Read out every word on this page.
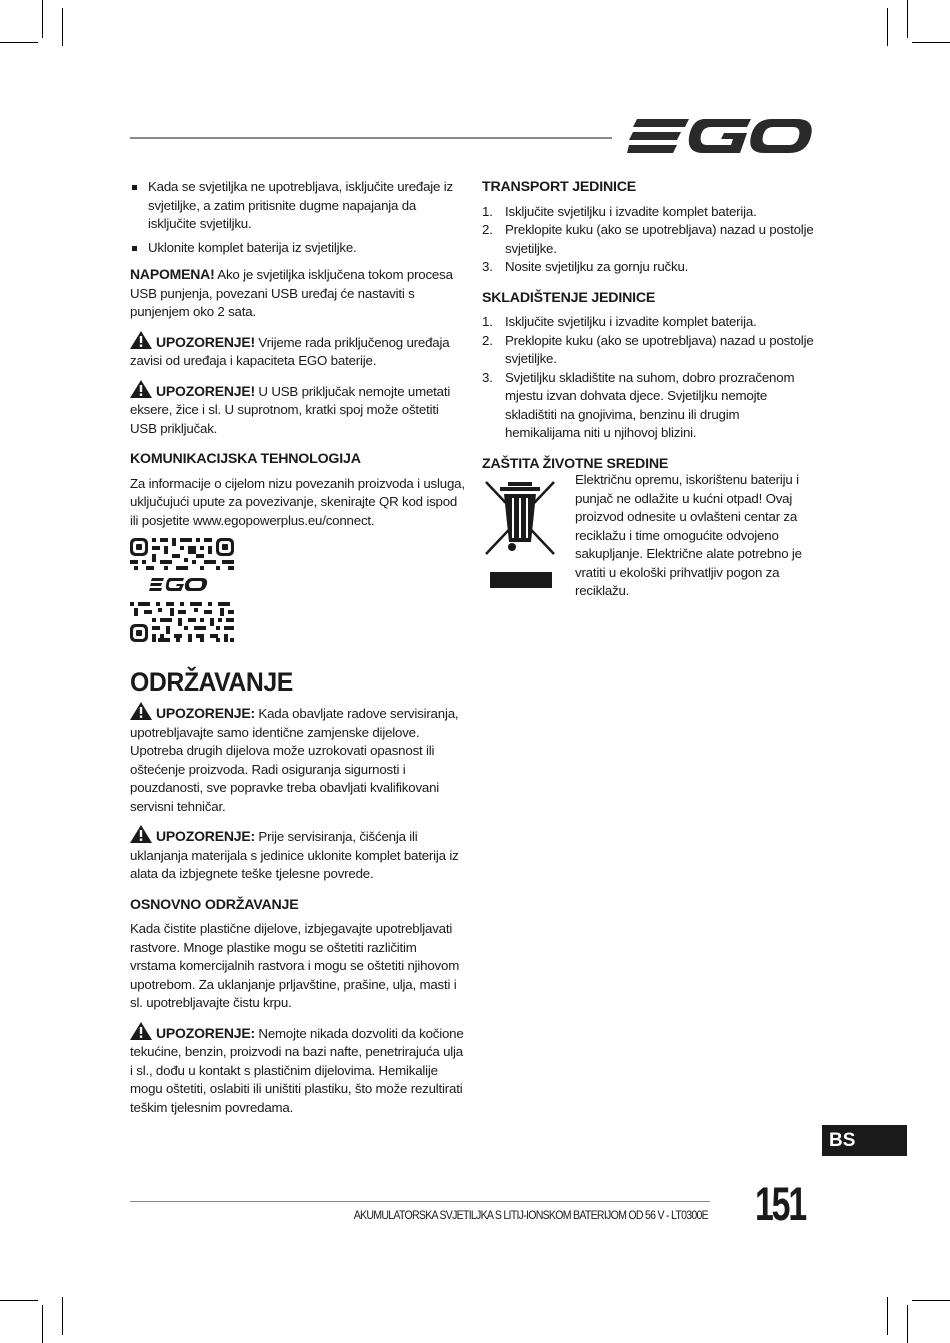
Kada se svjetiljka ne upotrebljava, isključite uređaje iz svjetiljke, a zatim pritisnite dugme napajanja da isključite svjetiljku.
Uklonite komplet baterija iz svjetiljke.

NAPOMENA! Ako je svjetiljka isključena tokom procesa USB punjenja, povezani USB uređaj će nastaviti s punjenjem oko 2 sata.

UPOZORENJE! Vrijeme rada priključenog uređaja zavisi od uređaja i kapaciteta EGO baterije.

UPOZORENJE! U USB priključak nemojte umetati eksere, žice i sl. U suprotnom, kratki spoj može oštetiti USB priključak.

KOMUNIKACIJSKA TEHNOLOGIJA

Za informacije o cijelom nizu povezanih proizvoda i usluga, uključujući upute za povezivanje, skenirajte QR kod ispod ili posjetite www.egopowerplus.eu/connect.

ODRŽAVANJE

UPOZORENJE: Kada obavljate radove servisiranja, upotrebljavajte samo identične zamjenske dijelove. Upotreba drugih dijelova može uzrokovati opasnost ili oštećenje proizvoda. Radi osiguranja sigurnosti i pouzdanosti, sve popravke treba obavljati kvalifikovani servisni tehničar.

UPOZORENJE: Prije servisiranja, čišćenja ili uklanjanja materijala s jedinice uklonite komplet baterija iz alata da izbjegnete teške tjelesne povrede.

OSNOVNO ODRŽAVANJE

Kada čistite plastične dijelove, izbjegavajte upotrebljavati rastvore. Mnoge plastike mogu se oštetiti različitim vrstama komercijalnih rastvora i mogu se oštetiti njihovom upotrebom. Za uklanjanje prljavštine, prašine, ulja, masti i sl. upotrebljavajte čistu krpu.

UPOZORENJE: Nemojte nikada dozvoliti da kočione tekućine, benzin, proizvodi na bazi nafte, penetrirajuća ulja i sl., dođu u kontakt s plastičnim dijelovima. Hemikalije mogu oštetiti, oslabiti ili uništiti plastiku, što može rezultirati teškim tjelesnim povredama.

TRANSPORT JEDINICE
1. Isključite svjetiljku i izvadite komplet baterija.
2. Preklopite kuku (ako se upotrebljava) nazad u postolje svjetiljke.
3. Nosite svjetiljku za gornju ručku.
SKLADIŠTENJE JEDINICE
1. Isključite svjetiljku i izvadite komplet baterija.
2. Preklopite kuku (ako se upotrebljava) nazad u postolje svjetiljke.
3. Svjetiljku skladištite na suhom, dobro prozračenom mjestu izvan dohvata djece. Svjetiljku nemojte skladištiti na gnojivima, benzinu ili drugim hemikalijama niti u njihovoj blizini.
ZAŠTITA ŽIVOTNE SREDINE

Električnu opremu, iskorištenu bateriju i punjač ne odlažite u kućni otpad! Ovaj proizvod odnesite u ovlašteni centar za reciklažu i time omogućite odvojeno sakupljanje. Električne alate potrebno je vratiti u ekološki prihvatljiv pogon za reciklažu.

BS
AKUMULATORSKA SVJETILJKA S LITIJ-IONSKOM BATERIJOM OD 56 V - LT0300E 151
